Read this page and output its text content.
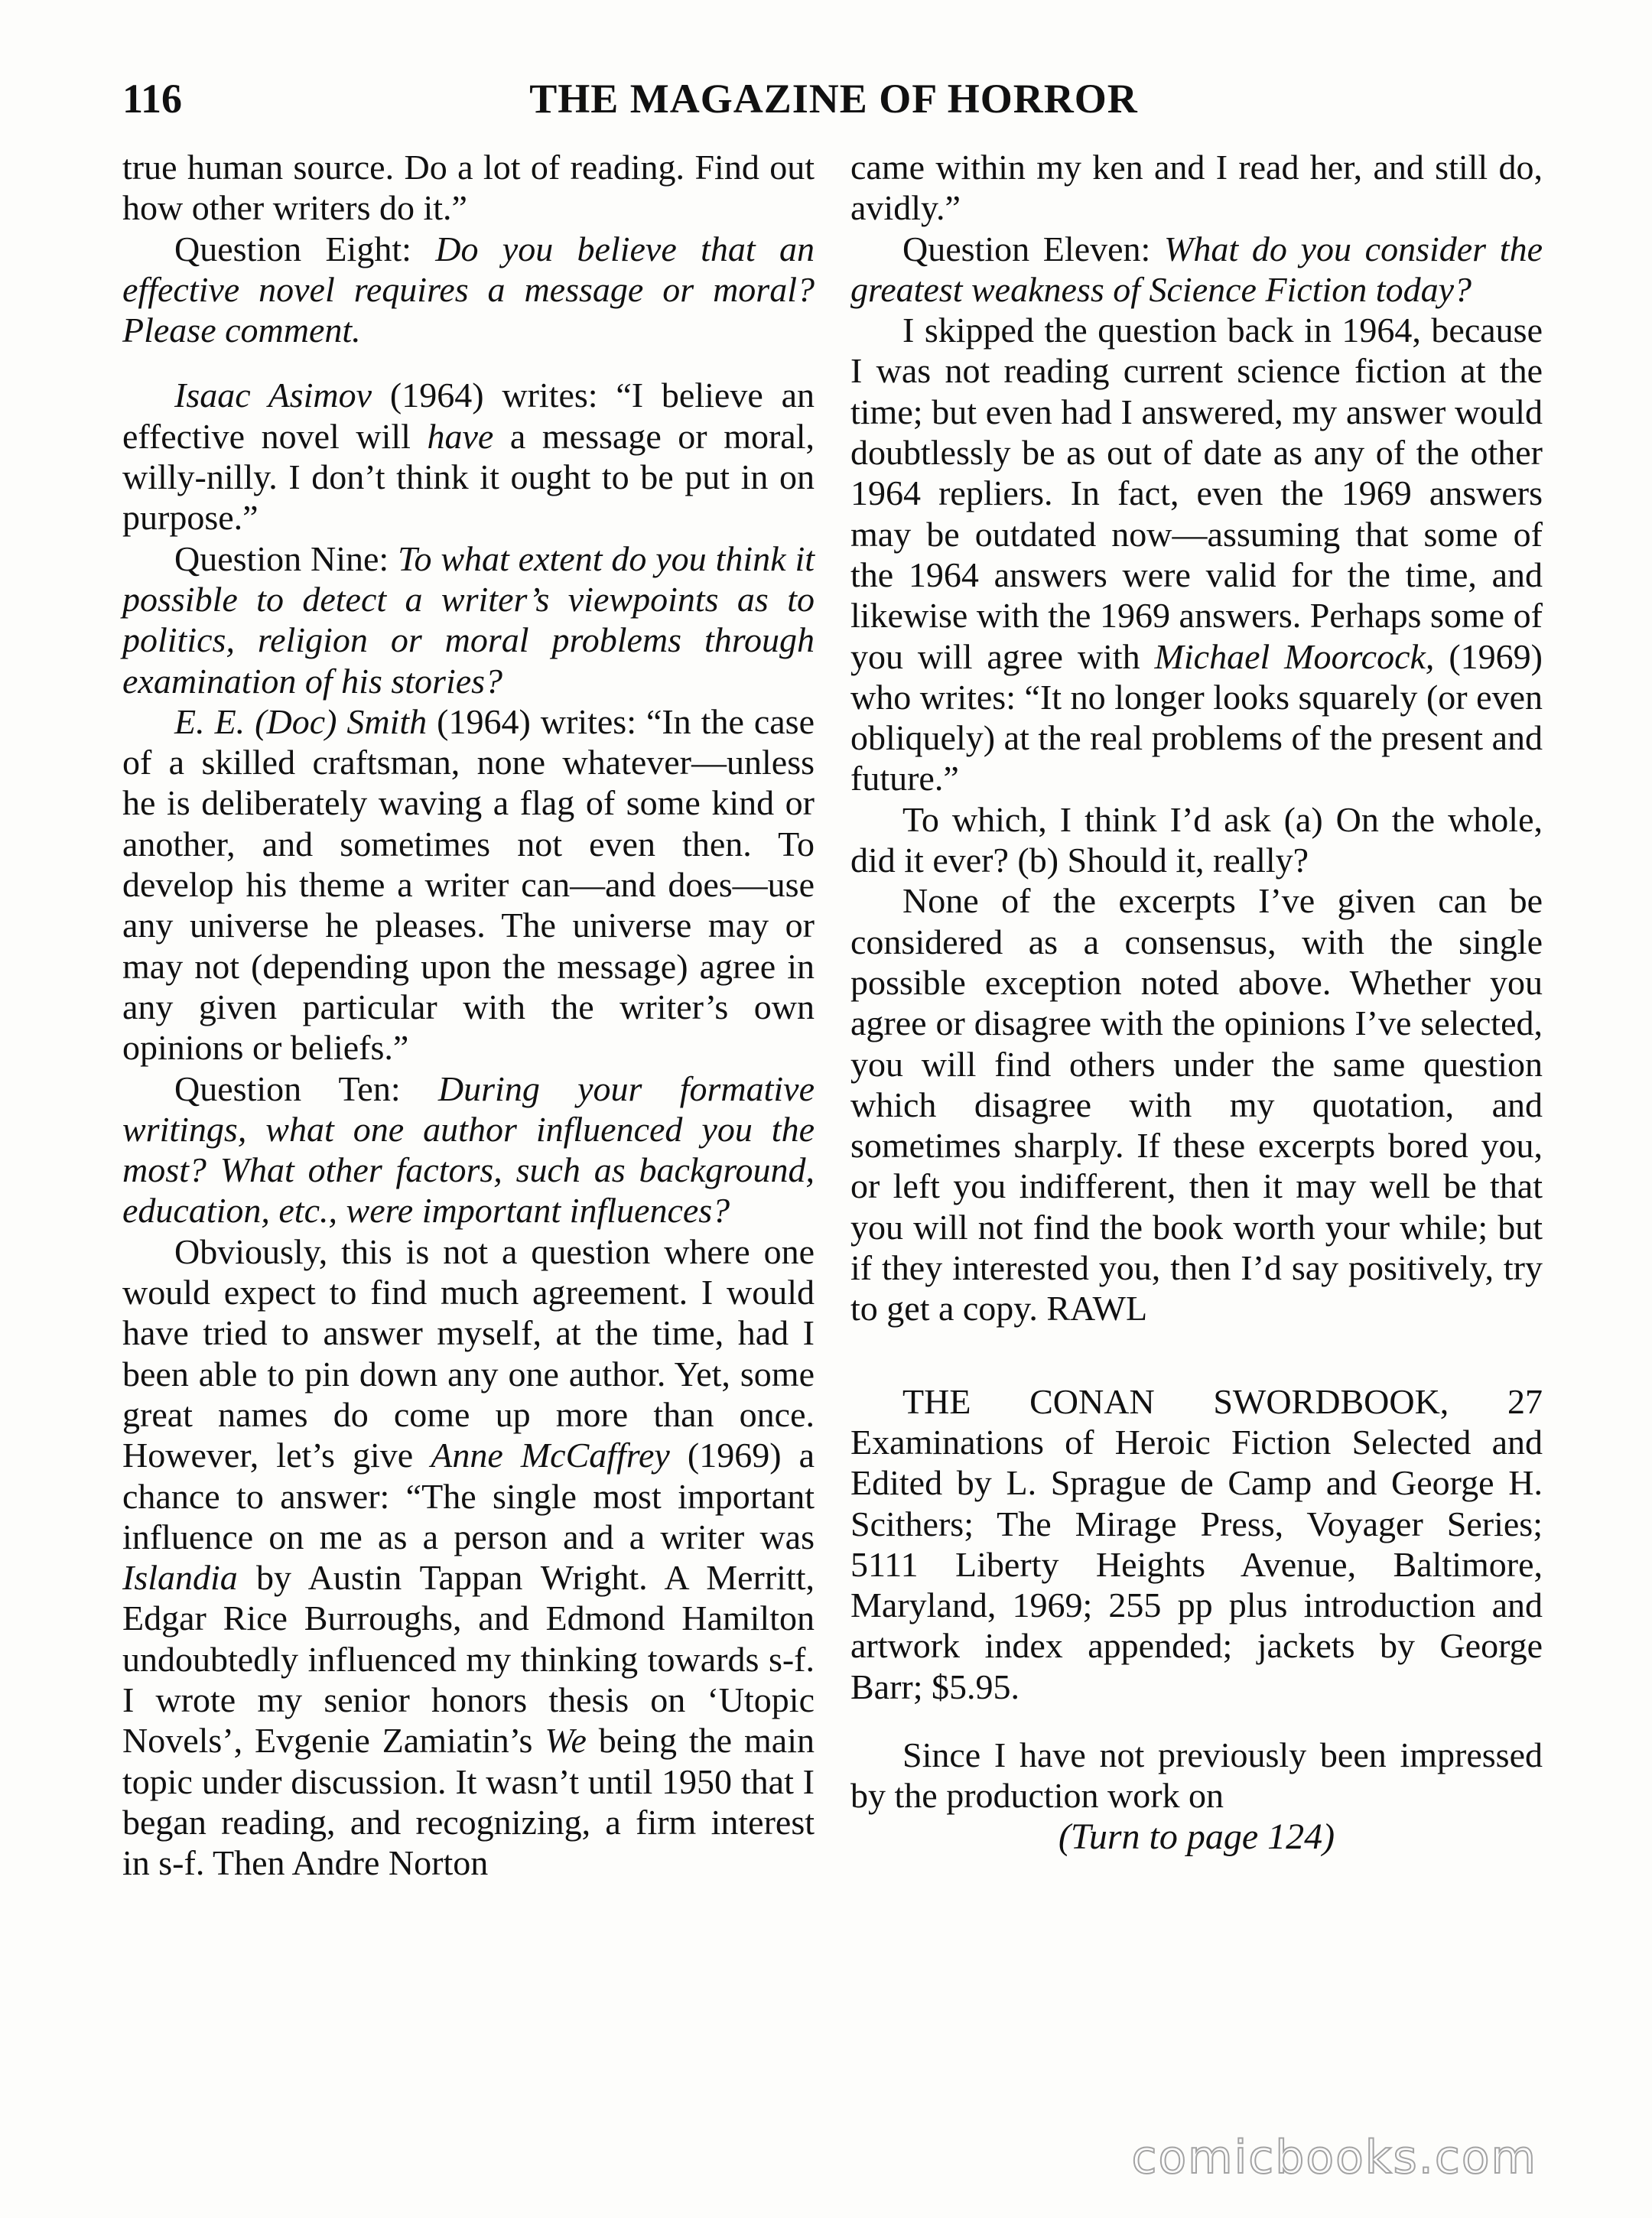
116	THE MAGAZINE OF HORROR

true human source. Do a lot of reading. Find out how other writers do it.”

Question Eight: Do you believe that an effective novel requires a message or moral? Please comment.

Isaac Asimov (1964) writes: “I believe an effective novel will have a message or moral, willy-nilly. I don’t think it ought to be put in on purpose.”

Question Nine: To what extent do you think it possible to detect a writer’s viewpoints as to politics, religion or moral problems through examination of his stories?

E. E. (Doc) Smith (1964) writes: “In the case of a skilled craftsman, none whatever—unless he is deliberately waving a flag of some kind or another, and sometimes not even then. To develop his theme a writer can—and does—use any universe he pleases. The universe may or may not (depending upon the message) agree in any given particular with the writer’s own opinions or beliefs.”

Question Ten: During your formative writings, what one author influenced you the most? What other factors, such as background, education, etc., were important influences?

Obviously, this is not a question where one would expect to find much agreement. I would have tried to answer myself, at the time, had I been able to pin down any one author. Yet, some great names do come up more than once. However, let’s give Anne McCaffrey (1969) a chance to answer: “The single most important influence on me as a person and a writer was Islandia by Austin Tappan Wright. A Merritt, Edgar Rice Burroughs, and Edmond Hamilton undoubtedly influenced my thinking towards s-f. I wrote my senior honors thesis on ‘Utopic Novels’, Evgenie Zamiatin’s We being the main topic under discussion. It wasn’t until 1950 that I began reading, and recognizing, a firm interest in s-f. Then Andre Norton

came within my ken and I read her, and still do, avidly.”

Question Eleven: What do you consider the greatest weakness of Science Fiction today?

I skipped the question back in 1964, because I was not reading current science fiction at the time; but even had I answered, my answer would doubtlessly be as out of date as any of the other 1964 repliers. In fact, even the 1969 answers may be outdated now—assuming that some of the 1964 answers were valid for the time, and likewise with the 1969 answers. Perhaps some of you will agree with Michael Moorcock, (1969) who writes: “It no longer looks squarely (or even obliquely) at the real problems of the present and future.”

To which, I think I’d ask (a) On the whole, did it ever? (b) Should it, really?

None of the excerpts I’ve given can be considered as a consensus, with the single possible exception noted above. Whether you agree or disagree with the opinions I’ve selected, you will find others under the same question which disagree with my quotation, and sometimes sharply. If these excerpts bored you, or left you indifferent, then it may well be that you will not find the book worth your while; but if they interested you, then I’d say positively, try to get a copy. RAWL

THE CONAN SWORDBOOK, 27 Examinations of Heroic Fiction Selected and Edited by L. Sprague de Camp and George H. Scithers; The Mirage Press, Voyager Series; 5111 Liberty Heights Avenue, Baltimore, Maryland, 1969; 255 pp plus introduction and artwork index appended; jackets by George Barr; $5.95.

Since I have not previously been impressed by the production work on

(Turn to page 124)

comicbooks.com
